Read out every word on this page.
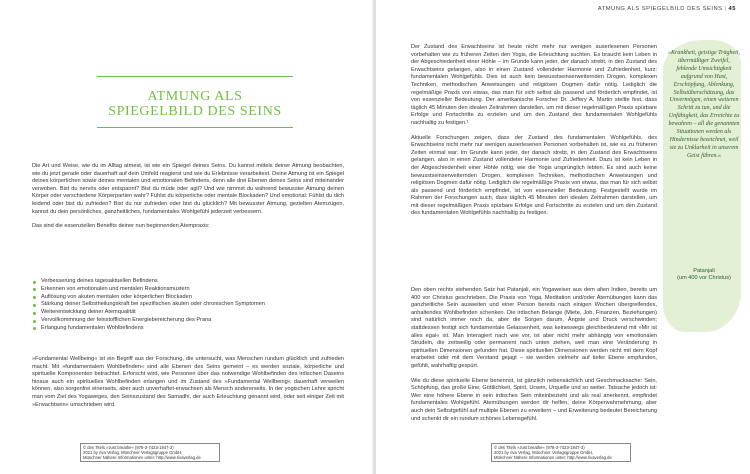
ATMUNG ALS
SPIEGELBILD DES SEINS

Die Art und Weise, wie du im Alltag atmest, ist wie ein Spiegel deines Seins. Du kannst mittels deiner Atmung beobachten, wie du jetzt gerade oder dauerhaft auf dein Umfeld reagierst und wie du Erlebnisse verarbeitest. Deine Atmung ist ein Spiegel deines körperlichen sowie deines mentalen und emotionalen Befindens, denn alle drei Ebenen deines Seins sind miteinander verwoben. Bist du nervös oder entspannt? Bist du müde oder agil? Und wie nimmst du während bewusster Atmung deinen Körper oder verschiedene Körperpartien wahr? Fühlst du körperliche oder mentale Blockaden? Und emotional: Fühlst du dich leidend oder bist du zufrieden? Bist du nur zufrieden oder bist du glücklich? Mit bewusster Atmung, gezielten Atemzügen, kannst du dein persönliches, ganzheitliches, fundamentales Wohlgefühl jederzeit verbessern.

Das sind die essenziellen Benefits deiner nun beginnenden Atempraxis:

Verbesserung deines tagesaktuellen Befindens
Erkennen von emotionalen und mentalen Reaktionsmustern
Auflösung von akuten mentalen oder körperlichen Blockaden
Stärkung deiner Selbstheilungskraft bei spezifischen akuten oder chronischen Symptomen
Weiterentwicklung deiner Atemqualität
Vervollkommnung der feinstofflichen Energiebereicherung des Prana
Erlangung fundamentalen Wohlbefindens

»Fundamental Wellbeing« ist ein Begriff aus der Forschung, die untersucht, was Menschen rundum glücklich und zufrieden macht. Mit »fundamentalem Wohlbefinden« sind alle Ebenen des Seins gemeint – es werden soziale, körperliche und spirituelle Komponenten betrachtet. Erforscht wird, wie Personen über das notwendige Wohlbefinden des irdischen Daseins hinaus auch ein spirituelles Wohlbefinden erlangen und im Zustand des »Fundamental Wellbeing« dauerhaft verweilen können, also sorgenfrei einerseits, aber auch unverhaftet-erwachsen als Mensch andererseits. In der yogischen Lehre spricht man vom Ziel des Yogaweges, den Seinszustand des Samadhi, der auch Erleuchtung genannt wird, oder seit einiger Zeit mit »Erwachtsein« umschrieben wird.

© des Titels »Just breathe« (978-3-7423-1847-3)
2021 by riva Verlag, Münchner Verlagsgruppe GmbH,
Münchner Nähere Informationen unter: http://www.rivaverlag.de
ATMUNG ALS SPIEGELBILD DES SEINS | 45

Der Zustand des Erwachtseins ist heute nicht mehr nur wenigen auserlesenen Personen vorbehalten wie zu früheren Zeiten den Yogis, die Erleuchtung suchten. Es braucht kein Leben in der Abgeschiedenheit einer Höhle – im Grunde kann jeder, der danach strebt, in den Zustand des Erwachtseins gelangen, also in einen Zustand vollendeter Harmonie und Zufriedenheit, kurz: fundamentalen Wohlgefühls. Dies ist auch kein bewusstseinserweiternden Drogen, komplexen Techniken, methodischen Anweisungen und religiösen Dogmen dafür nötig. Lediglich die regelmäßige Praxis von etwas, das man für sich selbst als passend und förderlich empfindet, ist von essenzieller Bedeutung. Der amerikanische Forscher Dr. Jeffery A. Martin stellte fest, dass täglich 45 Minuten den idealen Zeitrahmen darstellen, um mit dieser regelmäßigen Praxis spürbare Erfolge und Fortschritte zu erzielen und um den Zustand des fundamentalen Wohlgefühls nachhaltig zu festigen.¹

Aktuelle Forschungen zeigen, dass der Zustand des fundamentalen Wohlgefühls, des Erwachtseins nicht mehr nur wenigen auserlesenen Personen vorbehalten ist, wie es zu früheren Zeiten einmal war. Im Grunde kann jeder, der danach strebt, in den Zustand des Erwachtseins gelangen, also in einen Zustand vollendeter Harmonie und Zufriedenheit. Dazu ist kein Leben in der Abgeschiedenheit einer Höhle nötig, wie die Yogis ursprünglich lebten. Es sind auch keine bewusstseinserweiternden Drogen, komplexen Techniken, methodischen Anweisungen und religiösen Dogmen dafür nötig. Lediglich die regelmäßige Praxis von etwas, das man für sich selbst als passend und förderlich empfindet, ist von essenzieller Bedeutung. Festgestellt wurde im Rahmen der Forschungen auch, dass täglich 45 Minuten den idealen Zeitrahmen darstellen, um mit dieser regelmäßigen Praxis spürbare Erfolge und Fortschritte zu erzielen und um den Zustand des fundamentalen Wohlgefühls nachhaltig zu festigen.

Den oben rechts stehenden Satz hat Patanjali, ein Yogaweiser aus dem alten Indien, bereits um 400 vor Christus geschrieben. Die Praxis von Yoga, Meditation und/oder Atemübungen kann das ganzheitliche Sein ausweiten und einer Person bereits nach einigen Wochen übergreifendes, anhaltendes Wohlbefinden schenken. Die irdischen Belange (Miete, Job, Finanzen, Beziehungen) sind natürlich immer noch da, aber die Sorgen darum, Ängste und Druck verschwinden; stattdessen festigt sich fundamentale Gelassenheit, was keineswegs gleichbedeutend mit »Mir ist alles egal« ist. Man interagiert nach wie vor, ist aber nicht mehr abhängig von emotionalen Strudeln, die zeitweilig oder permanent nach unten ziehen, weil man eine Veränderung in spirituellen Dimensionen gefunden hat. Diese spirituellen Dimensionen werden nicht mit dem Kopf erarbeitet oder mit dem Verstand gejagt – sie werden vielmehr auf tiefer Ebene empfunden, gefühlt, wahrhaftig gespürt.

Wie du diese spirituelle Ebene benennst, ist gänzlich nebensächlich und Geschmacksache: Sein, Schöpfung, das große Eine, Göttlichkeit, Spirit, Ursein, Urquelle und so weiter. Tatsache jedoch ist: Wer eine höhere Ebene in sein irdisches Sein miteinbezieht und als real anerkennt, empfindet fundamentales Wohlgefühl. Atemübungen werden dir helfen, deine Körperwahrnehmung, aber auch dein Selbstgefühl auf multiple Ebenen zu erweitern – und Erweiterung bedeutet Bereicherung und schenkt dir ein rundum schönes Lebensgefühl.

»Krankheit, geistige Trägheit, übermäßiger Zweifel, fehlende Umsichtigkeit aufgrund von Hast, Erschöpfung, Ablenkung, Selbstüberschätzung, das Unvermögen, einen weiteren Schritt zu tun, und die Unfähigkeit, das Erreichte zu bewahren – all die genannten Situationen werden als Hindernisse bezeichnet, weil sie zu Unklarheit in unserem Geist führen.«
Patanjali
(um 400 vor Christus)
© des Titels »Just breathe« (978-3-7423-1847-3)
2021 by riva Verlag, Münchner Verlagsgruppe GmbH,
Münchner Nähere Informationen unter: http://www.rivaverlag.de
